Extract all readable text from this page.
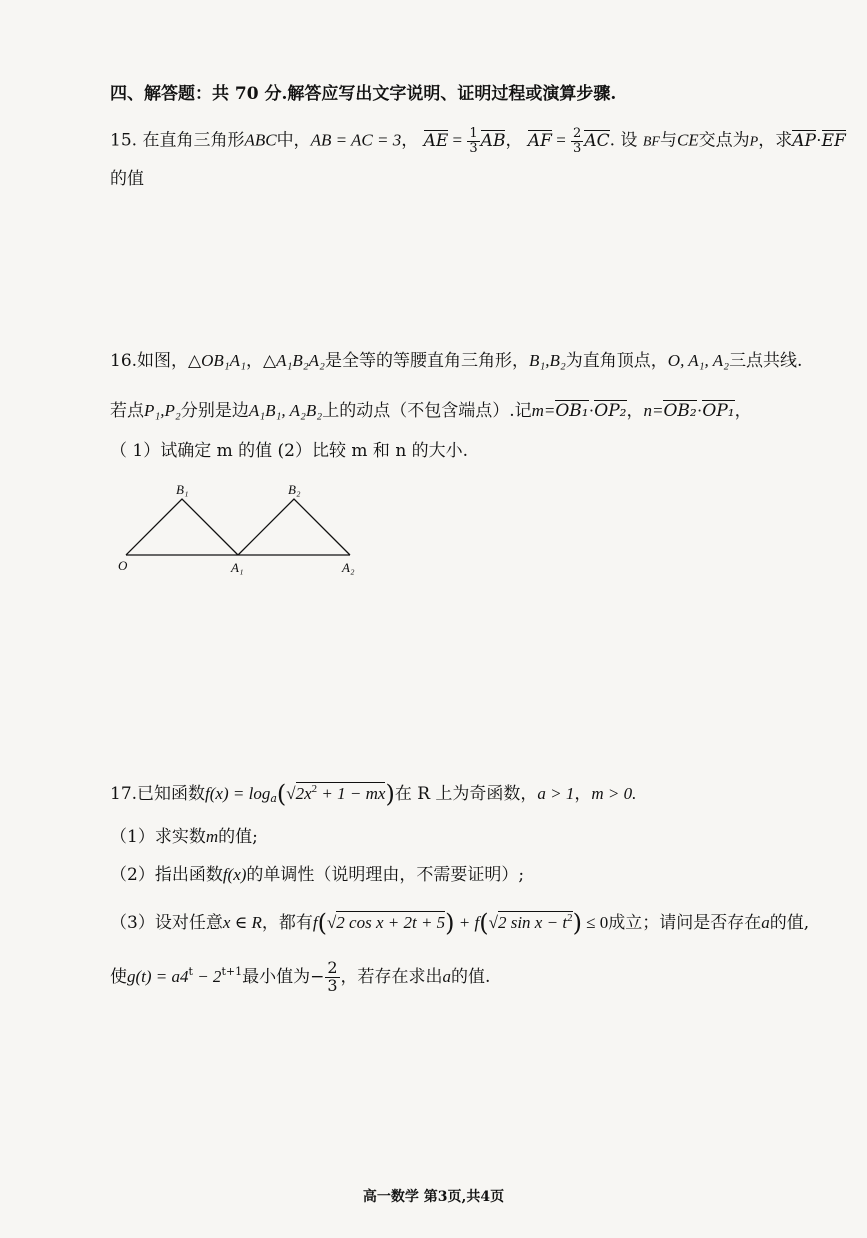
四、解答题：共 70 分.解答应写出文字说明、证明过程或演算步骤.
15. 在直角三角形ABC中，AB = AC = 3， AE = $\frac{1}{3}$ AB， AF = $\frac{2}{3}$ AC. 设 BF与CE交点为P，求AP·EF
的值
16.如图，△OB₁A₁，△A₁B₂A₂是全等的等腰直角三角形，B₁,B₂为直角顶点，O, A₁, A₂三点共线.
若点P₁,P₂分别是边A₁B₁, A₂B₂上的动点（不包含端点）.记m=OB₁·OP₂，n=OB₂·OP₁，
（ 1）试确定 m 的值 (2）比较 m 和 n 的大小.
O	A₁	A₂
B₁	B₂
17.已知函数$f(x) = \log_a(√2x^2 + 1 - mx)$在 R 上为奇函数，a > 1，m > 0.
（1）求实数m的值;
（2）指出函数f(x)的单调性（说明理由，不需要证明）;
（3）设对任意x ∈ R，都有f(√2 cos x + 2t + 5) + f(√2 $\sin x - t^2) \le 0$成立；请问是否存在a的值,
使$g(t) = a4^t - 2^{t+1}$最小值为− $\frac{2}{3}$ ，若存在求出a的值.
高一数学 第3页,共4页
